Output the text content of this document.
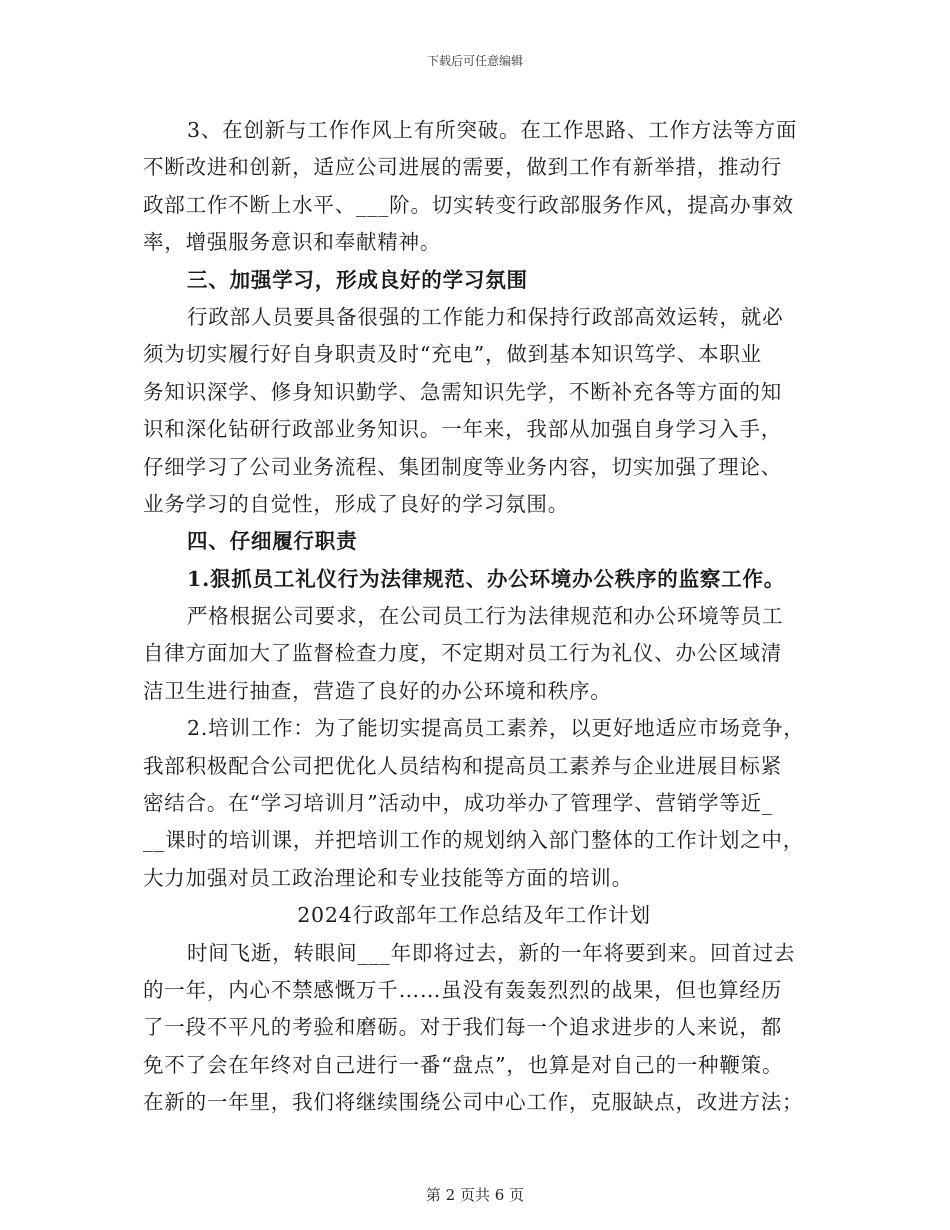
下载后可任意编辑
3、在创新与工作作风上有所突破。在工作思路、工作方法等方面
不断改进和创新，适应公司进展的需要，做到工作有新举措，推动行
政部工作不断上水平、___阶。切实转变行政部服务作风，提高办事效
率，增强服务意识和奉献精神。
三、加强学习，形成良好的学习氛围
行政部人员要具备很强的工作能力和保持行政部高效运转，就必
须为切实履行好自身职责及时“充电”，做到基本知识笃学、本职业
务知识深学、修身知识勤学、急需知识先学，不断补充各等方面的知
识和深化钻研行政部业务知识。一年来，我部从加强自身学习入手，
仔细学习了公司业务流程、集团制度等业务内容，切实加强了理论、
业务学习的自觉性，形成了良好的学习氛围。
四、仔细履行职责
1.狠抓员工礼仪行为法律规范、办公环境办公秩序的监察工作。
严格根据公司要求，在公司员工行为法律规范和办公环境等员工
自律方面加大了监督检查力度，不定期对员工行为礼仪、办公区域清
洁卫生进行抽查，营造了良好的办公环境和秩序。
2.培训工作：为了能切实提高员工素养，以更好地适应市场竞争，
我部积极配合公司把优化人员结构和提高员工素养与企业进展目标紧
密结合。在“学习培训月”活动中，成功举办了管理学、营销学等近_
__课时的培训课，并把培训工作的规划纳入部门整体的工作计划之中，
大力加强对员工政治理论和专业技能等方面的培训。
2024行政部年工作总结及年工作计划
时间飞逝，转眼间___年即将过去，新的一年将要到来。回首过去
的一年，内心不禁感慨万千……虽没有轰轰烈烈的战果，但也算经历
了一段不平凡的考验和磨砺。对于我们每一个追求进步的人来说，都
免不了会在年终对自己进行一番“盘点”，也算是对自己的一种鞭策。
在新的一年里，我们将继续围绕公司中心工作，克服缺点，改进方法；
第 2 页共 6 页
